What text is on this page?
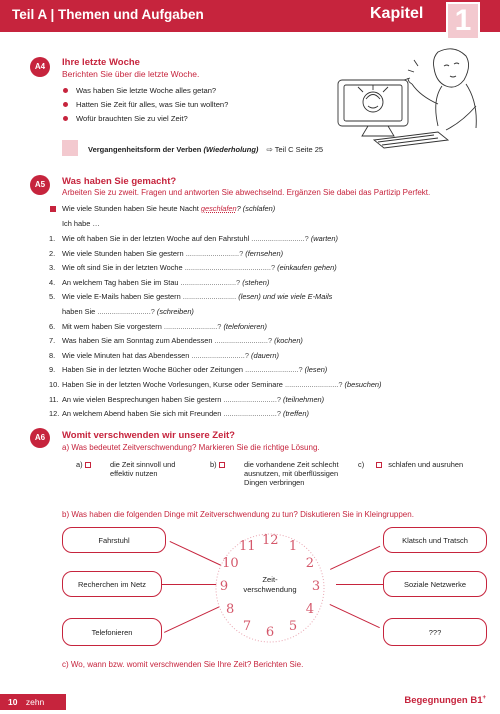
Teil A | Themen und Aufgaben	Kapitel 1
A4	Ihre letzte Woche
Berichten Sie über die letzte Woche.
Was haben Sie letzte Woche alles getan?
Hatten Sie Zeit für alles, was Sie tun wollten?
Wofür brauchten Sie zu viel Zeit?
Vergangenheitsform der Verben (Wiederholung) ⇨ Teil C Seite 25
A5	Was haben Sie gemacht?
Arbeiten Sie zu zweit. Fragen und antworten Sie abwechselnd. Ergänzen Sie dabei das Partizip Perfekt.
Wie viele Stunden haben Sie heute Nacht geschlafen? (schlafen)
Ich habe …
1. Wie oft haben Sie in der letzten Woche auf den Fahrstuhl ..........................? (warten)
2. Wie viele Stunden haben Sie gestern ..........................? (fernsehen)
3. Wie oft sind Sie in der letzten Woche ..........................................? (einkaufen gehen)
4. An welchem Tag haben Sie im Stau ...........................? (stehen)
5. Wie viele E-Mails haben Sie gestern .......................... (lesen) und wie viele E-Mails
haben Sie ..........................? (schreiben)
6. Mit wem haben Sie vorgestern ..........................? (telefonieren)
7. Was haben Sie am Sonntag zum Abendessen ..........................? (kochen)
8. Wie viele Minuten hat das Abendessen ..........................? (dauern)
9. Haben Sie in der letzten Woche Bücher oder Zeitungen ..........................? (lesen)
10. Haben Sie in der letzten Woche Vorlesungen, Kurse oder Seminare ..........................? (besuchen)
11. An wie vielen Besprechungen haben Sie gestern ..........................? (teilnehmen)
12. An welchem Abend haben Sie sich mit Freunden ..........................? (treffen)
A6	Womit verschwenden wir unsere Zeit?
a) Was bedeutet Zeitverschwendung? Markieren Sie die richtige Lösung.
a)	die Zeit sinnvoll und effektiv nutzen
b)	die vorhandene Zeit schlecht ausnutzen, mit überflüssigen Dingen verbringen
c)	schlafen und ausruhen
b) Was haben die folgenden Dinge mit Zeitverschwendung zu tun? Diskutieren Sie in Kleingruppen.
Fahrstuhl
Recherchen im Netz
Telefonieren
Klatsch und Tratsch
Soziale Netzwerke
???
12 1
2
3
4
5
6
7
8
9
10
11
Zeit-
verschwendung
c) Wo, wann bzw. womit verschwenden Sie Ihre Zeit? Berichten Sie.
10 zehn	Begegnungen B1+
